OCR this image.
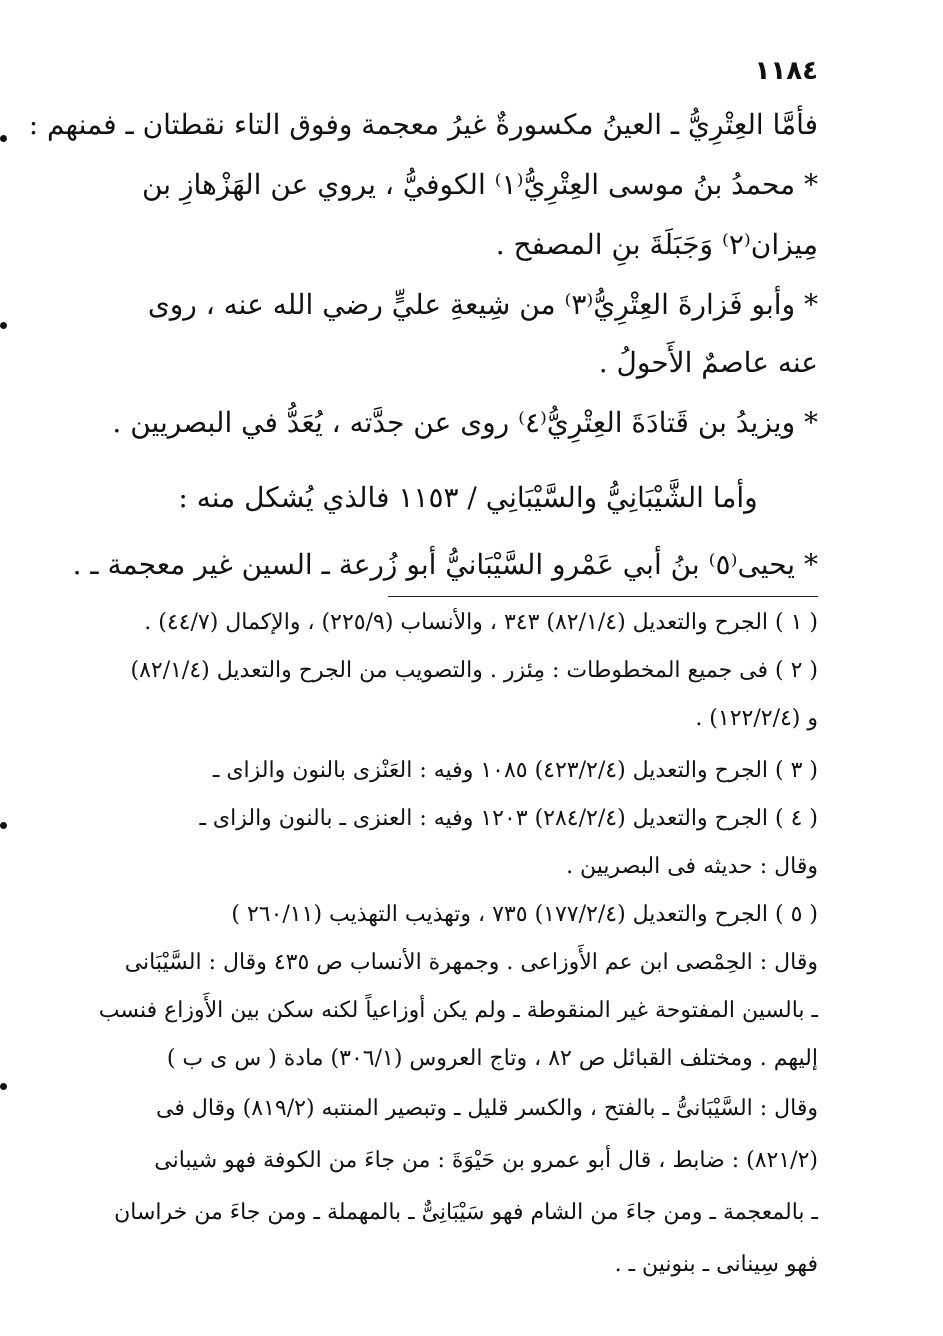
١١٨٤
فأمَّا العِتْرِيُّ ـ العينُ مكسورةٌ غيرُ معجمة وفوق التاء نقطتان ـ فمنهم :
* محمدُ بنُ موسى العِتْرِيُّ⁽١⁾ الكوفيُّ ، يروي عن الهَزْهازِ بن
مِيزان⁽٢⁾ وَجَبَلَةَ بنِ المصفح .
* وأبو فَزارةَ العِتْرِيُّ⁽٣⁾ من شِيعةِ عليٍّ رضي الله عنه ، روى
عنه عاصمٌ الأَحولُ .
* ويزيدُ بن قَتادَةَ العِتْرِيُّ⁽٤⁾ روى عن جدَّته ، يُعَدُّ في البصريين .
وأما الشَّيْبَانِيُّ والسَّيْبَانِي / ١١٥٣ فالذي يُشكل منه :
* يحيى⁽٥⁾ بنُ أبي عَمْرو السَّيْبَانيُّ أبو زُرعة ـ السين غير معجمة ـ .
( ١ ) الجرح والتعديل (٨٢/١/٤) ٣٤٣ ، والأنساب (٢٢٥/٩) ، والإكمال (٤٤/٧) .
( ٢ ) فى جميع المخطوطات : مِئزر . والتصويب من الجرح والتعديل (٨٢/١/٤)
و (١٢٢/٢/٤) .
( ٣ ) الجرح والتعديل (٤٢٣/٢/٤) ١٠٨٥ وفيه : العَنْزى بالنون والزاى ـ
( ٤ ) الجرح والتعديل (٢٨٤/٢/٤) ١٢٠٣ وفيه : العنزى ـ بالنون والزاى ـ
وقال : حديثه فى البصريين .
( ٥ ) الجرح والتعديل (١٧٧/٢/٤) ٧٣٥ ، وتهذيب التهذيب (٢٦٠/١١ )
وقال : الحِمْصى ابن عم الأَوزاعى . وجمهرة الأنساب ص ٤٣٥ وقال : السَّيْبَانى
ـ بالسين المفتوحة غير المنقوطة ـ ولم يكن أوزاعياً لكنه سكن بين الأَوزاع فنسب
إليهم . ومختلف القبائل ص ٨٢ ، وتاج العروس (٣٠٦/١) مادة ( س ى ب )
وقال : السَّيْبَانىُّ ـ بالفتح ، والكسر قليل ـ وتبصير المنتبه (٨١٩/٢) وقال فى
(٨٢١/٢) : ضابط ، قال أبو عمرو بن حَيْوَةَ : من جاءَ من الكوفة فهو شيبانى
ـ بالمعجمة ـ ومن جاءَ من الشام فهو سَيْبَانِىٌّ ـ بالمهملة ـ ومن جاءَ من خراسان
فهو سِينانى ـ بنونين ـ .
